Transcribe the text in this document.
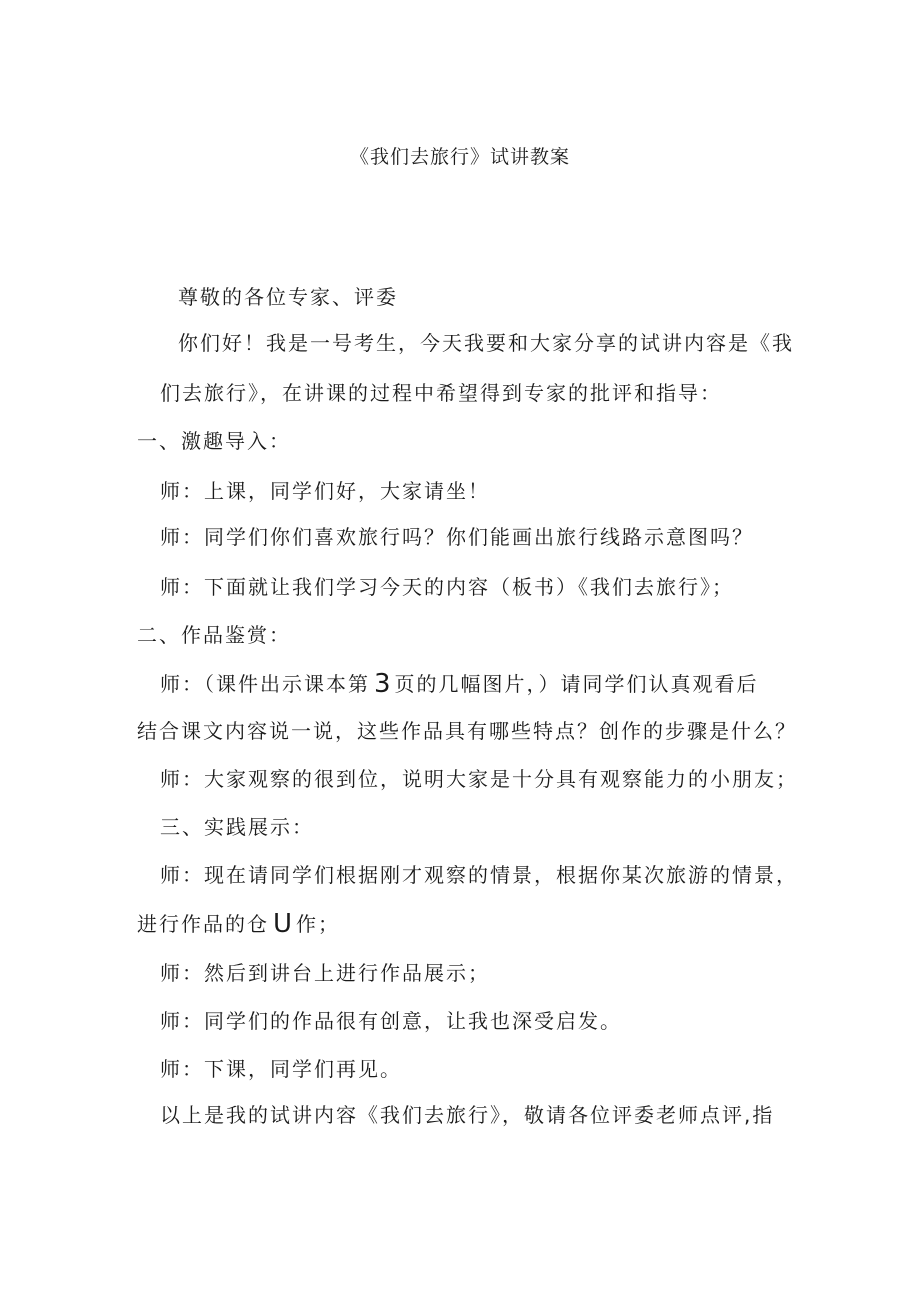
《我们去旅行》试讲教案
尊敬的各位专家、评委
你们好！我是一号考生，今天我要和大家分享的试讲内容是《我
们去旅行》，在讲课的过程中希望得到专家的批评和指导：
一、激趣导入：
师：上课，同学们好，大家请坐！
师：同学们你们喜欢旅行吗？你们能画出旅行线路示意图吗？
师：下面就让我们学习今天的内容（板书）《我们去旅行》；
二、作品鉴赏：
师：（课件出示课本第 3 页的几幅图片，）请同学们认真观看后
结合课文内容说一说，这些作品具有哪些特点？创作的步骤是什么？
师：大家观察的很到位，说明大家是十分具有观察能力的小朋友；
三、实践展示：
师：现在请同学们根据刚才观察的情景，根据你某次旅游的情景，
进行作品的仓 U 作；
师：然后到讲台上进行作品展示；
师：同学们的作品很有创意，让我也深受启发。
师：下课，同学们再见。
以上是我的试讲内容《我们去旅行》，敬请各位评委老师点评,指
